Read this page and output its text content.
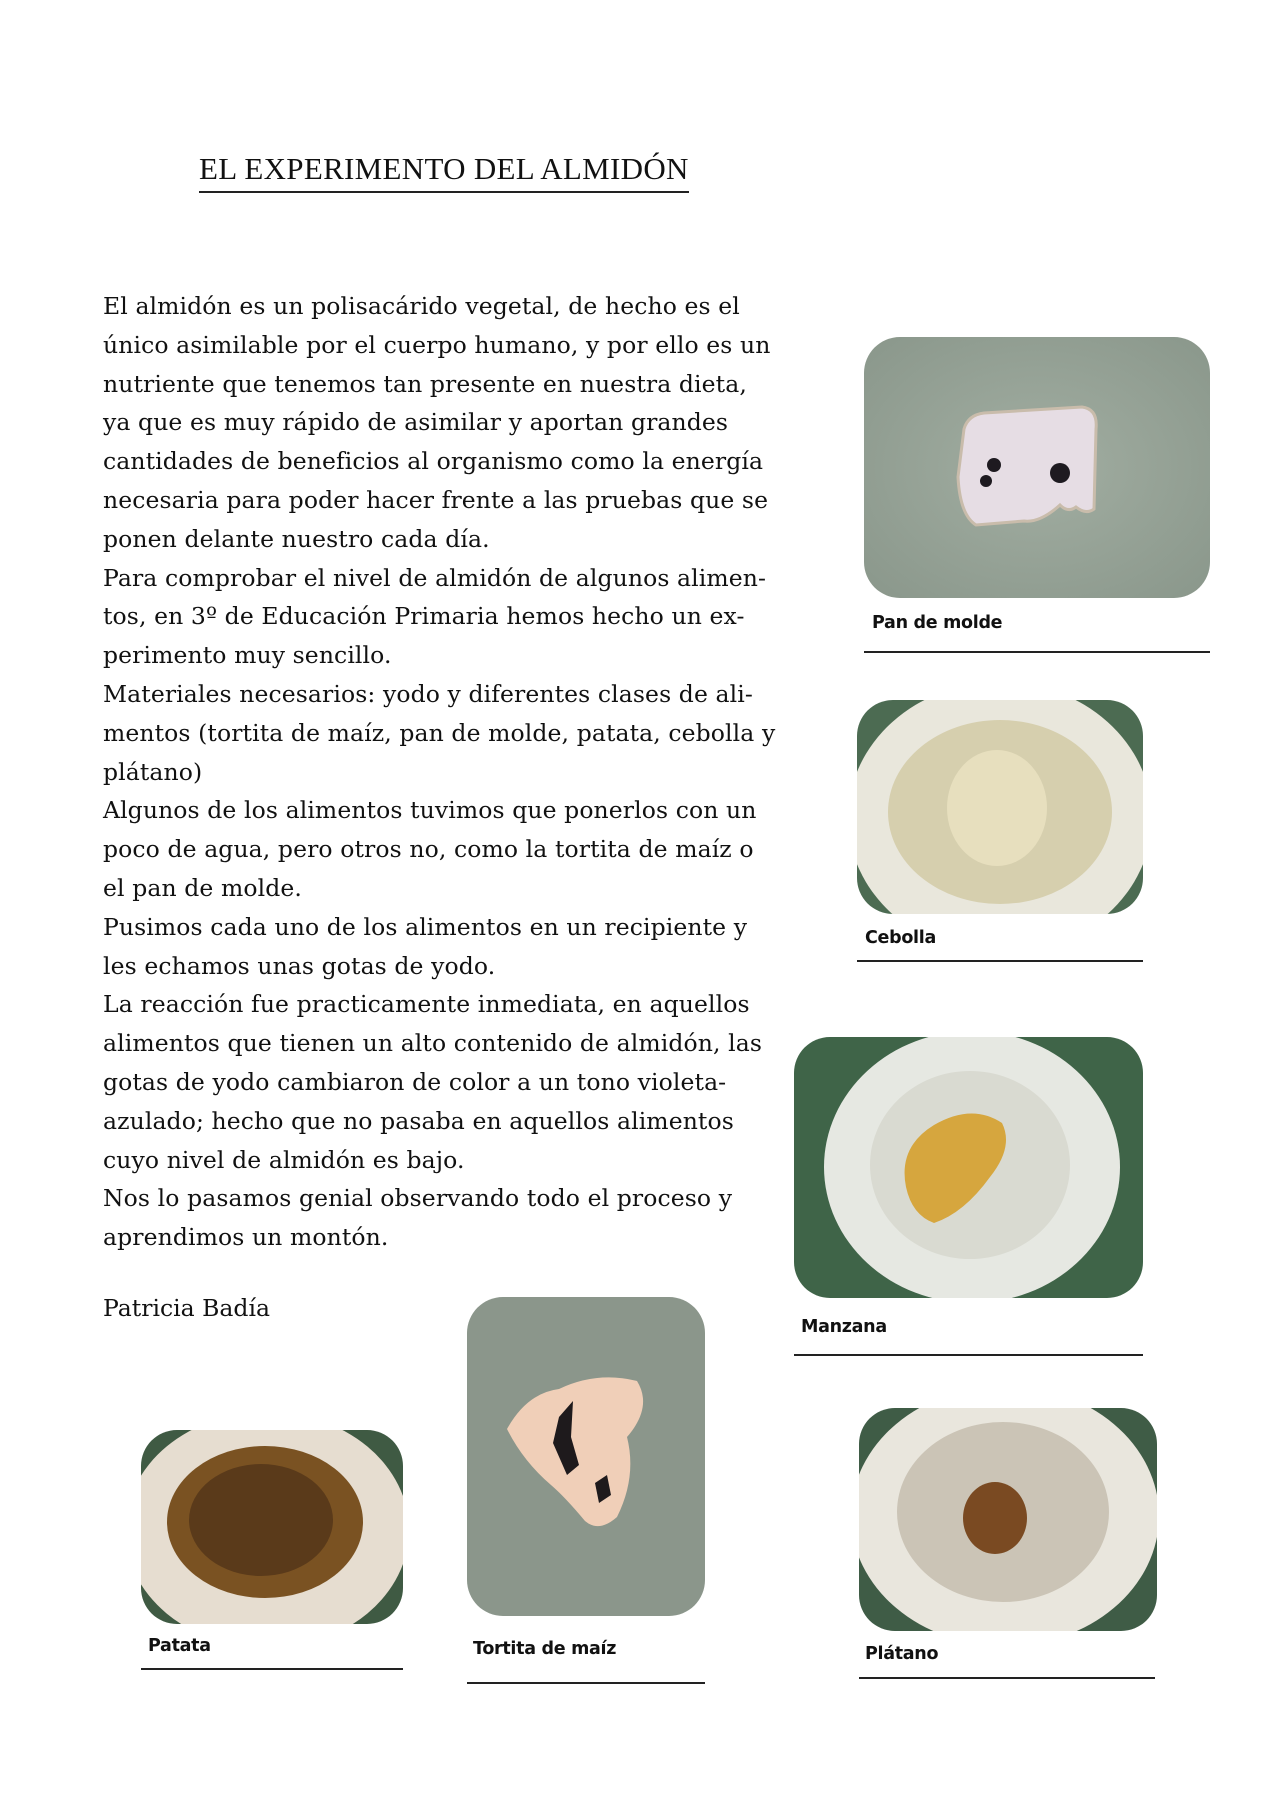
EL EXPERIMENTO DEL ALMIDÓN

El almidón es un polisacárido vegetal, de hecho es el
único asimilable por el cuerpo humano, y por ello es un
nutriente que tenemos tan presente en nuestra dieta,
ya que es muy rápido de asimilar y aportan grandes
cantidades de beneficios al organismo como la energía
necesaria para poder hacer frente a las pruebas que se
ponen delante nuestro cada día.

Para comprobar el nivel de almidón de algunos alimen-
tos, en 3º de Educación Primaria hemos hecho un ex-
perimento muy sencillo.

Materiales necesarios: yodo y diferentes clases de ali-
mentos (tortita de maíz, pan de molde, patata, cebolla y
plátano)

Algunos de los alimentos tuvimos que ponerlos con un
poco de agua, pero otros no, como la tortita de maíz o
el pan de molde.

Pusimos cada uno de los alimentos en un recipiente y
les echamos unas gotas de yodo.

La reacción fue practicamente inmediata, en aquellos
alimentos que tienen un alto contenido de almidón, las
gotas de yodo cambiaron de color a un tono violeta-
azulado; hecho que no pasaba en aquellos alimentos
cuyo nivel de almidón es bajo.

Nos lo pasamos genial observando todo el proceso y
aprendimos un montón.

Patricia Badía
Pan de molde
Cebolla
Manzana
Patata	Tortita de maíz	Plátano
